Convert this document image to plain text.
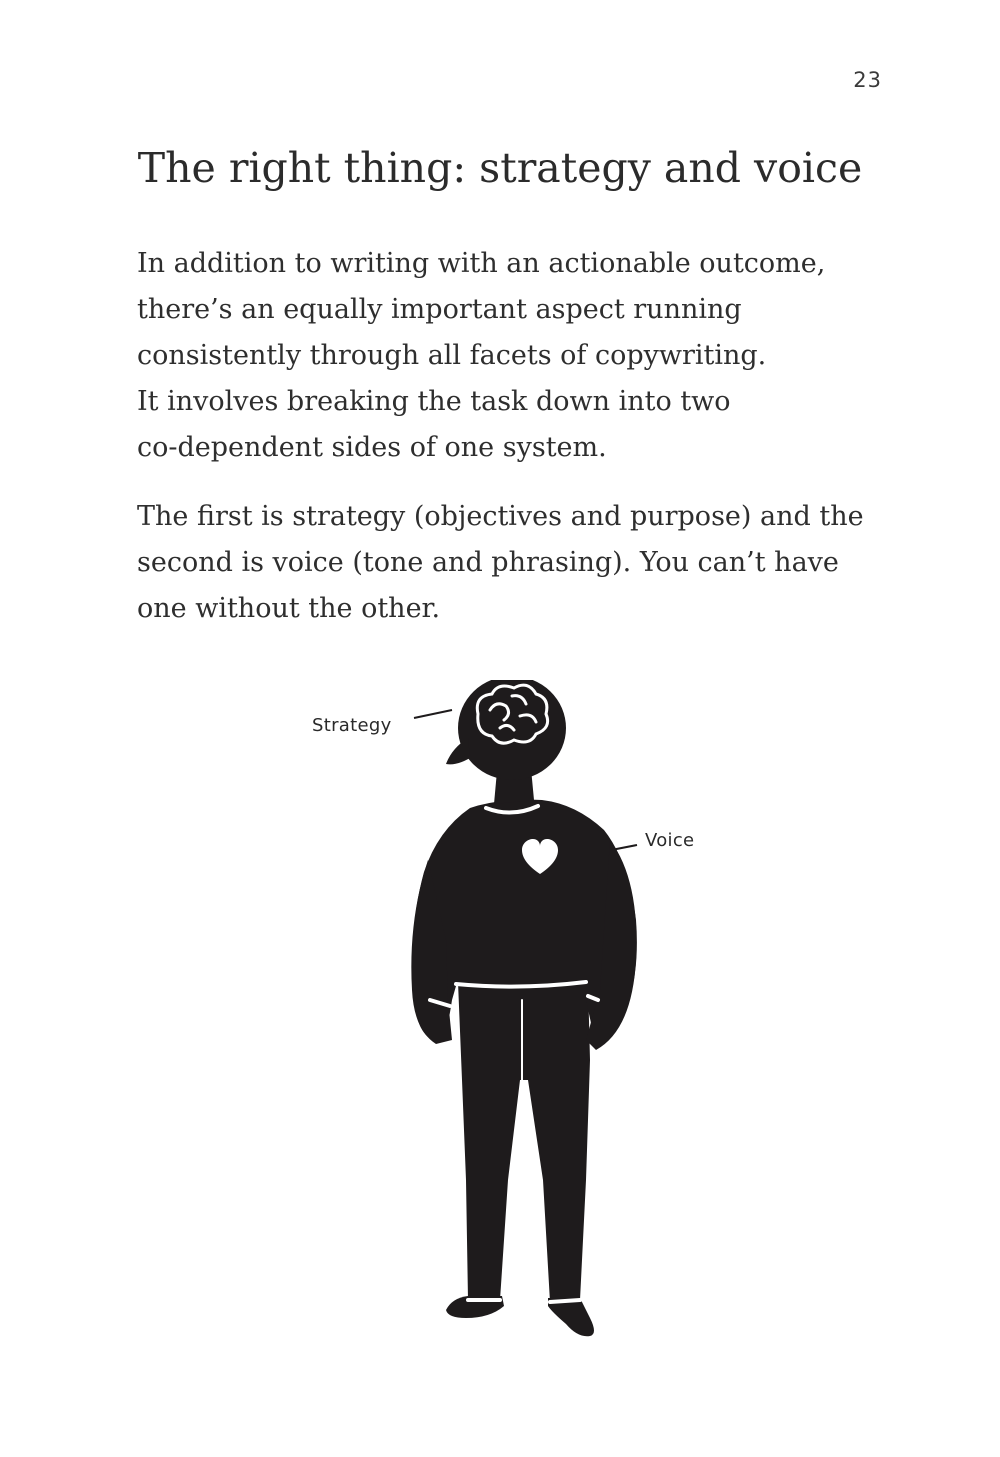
23
The right thing: strategy and voice
In addition to writing with an actionable outcome,
there’s an equally important aspect running
consistently through all facets of copywriting.
It involves breaking the task down into two
co-dependent sides of one system.
The first is strategy (objectives and purpose) and the
second is voice (tone and phrasing). You can’t have
one without the other.
Strategy
Voice
